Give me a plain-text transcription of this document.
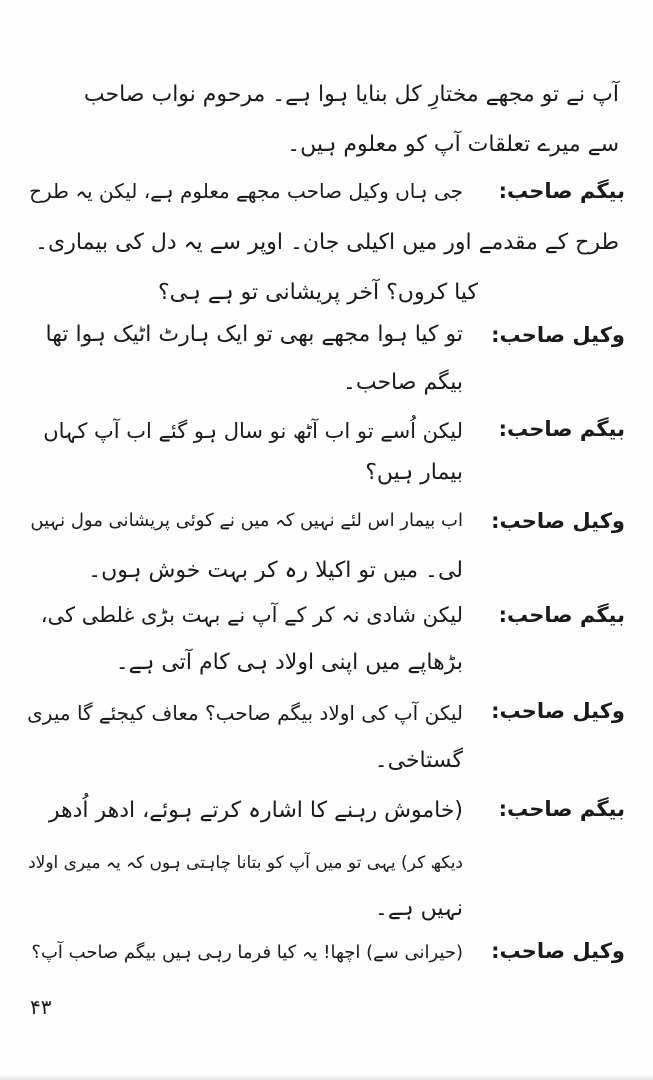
آپ نے تو مجھے مختارِ کل بنایا ہوا ہے۔ مرحوم نواب صاحب
سے میرے تعلقات آپ کو معلوم ہیں۔
بیگم صاحب:
جی ہاں وکیل صاحب مجھے معلوم ہے، لیکن یہ طرح
طرح کے مقدمے اور میں اکیلی جان۔ اوپر سے یہ دل کی بیماری۔
کیا کروں؟ آخر پریشانی تو ہے ہی؟
وکیل صاحب:
تو کیا ہوا مجھے بھی تو ایک ہارٹ اٹیک ہوا تھا
بیگم صاحب۔
بیگم صاحب:
لیکن اُسے تو اب آٹھ نو سال ہو گئے اب آپ کہاں
بیمار ہیں؟
وکیل صاحب:
اب بیمار اس لئے نہیں کہ میں نے کوئی پریشانی مول نہیں
لی۔ میں تو اکیلا رہ کر بہت خوش ہوں۔
بیگم صاحب:
لیکن شادی نہ کر کے آپ نے بہت بڑی غلطی کی،
بڑھاپے میں اپنی اولاد ہی کام آتی ہے۔
وکیل صاحب:
لیکن آپ کی اولاد بیگم صاحب؟ معاف کیجئے گا میری
گستاخی۔
بیگم صاحب:
(خاموش رہنے کا اشارہ کرتے ہوئے، ادھر اُدھر
دیکھ کر) یہی تو میں آپ کو بتانا چاہتی ہوں کہ یہ میری اولاد
نہیں ہے۔
وکیل صاحب:
(حیرانی سے) اچھا! یہ کیا فرما رہی ہیں بیگم صاحب آپ؟
۴۳
